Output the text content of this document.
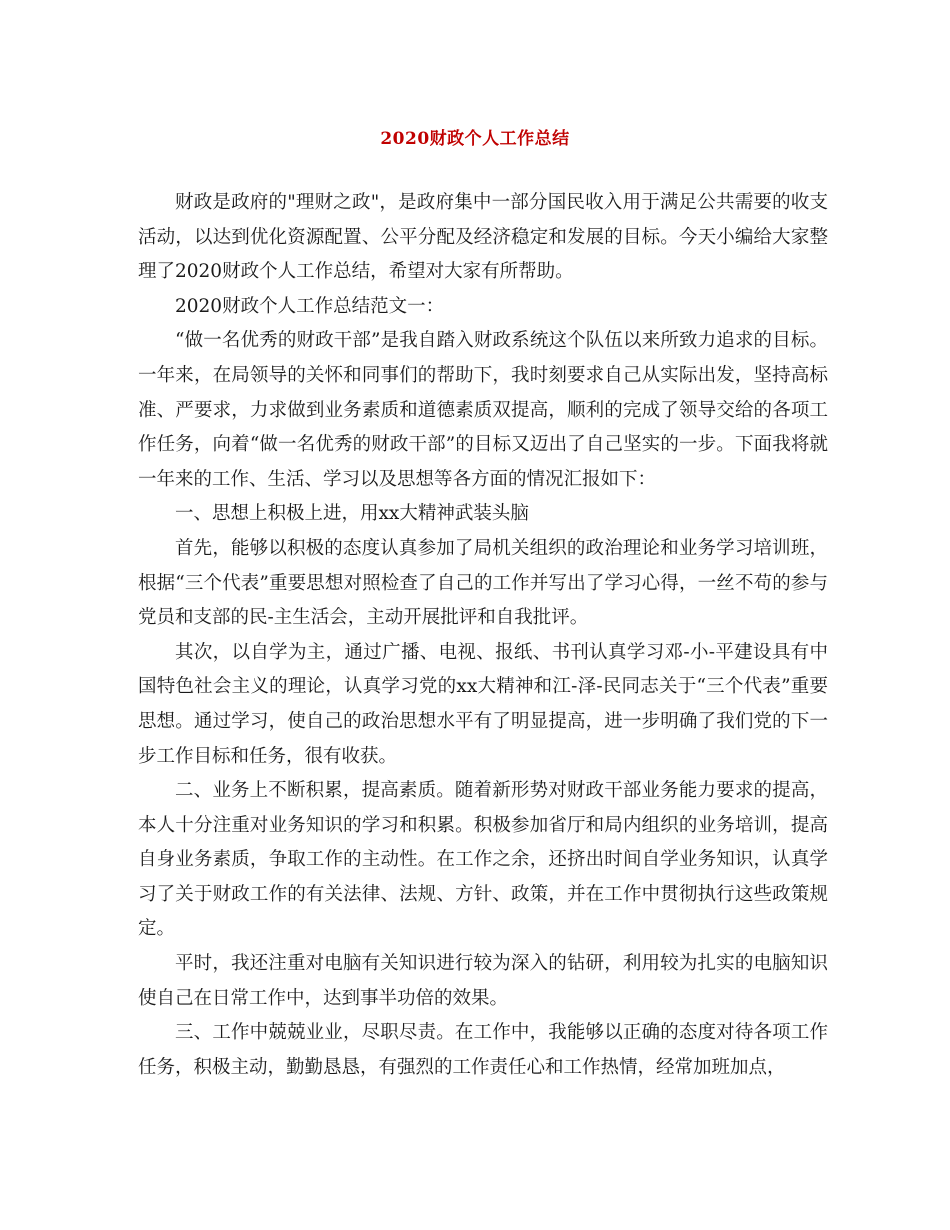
2020财政个人工作总结

财政是政府的"理财之政"，是政府集中一部分国民收入用于满足公共需要的收支活动，以达到优化资源配置、公平分配及经济稳定和发展的目标。今天小编给大家整理了2020财政个人工作总结，希望对大家有所帮助。

2020财政个人工作总结范文一：

“做一名优秀的财政干部”是我自踏入财政系统这个队伍以来所致力追求的目标。一年来，在局领导的关怀和同事们的帮助下，我时刻要求自己从实际出发，坚持高标准、严要求，力求做到业务素质和道德素质双提高，顺利的完成了领导交给的各项工作任务，向着“做一名优秀的财政干部”的目标又迈出了自己坚实的一步。下面我将就一年来的工作、生活、学习以及思想等各方面的情况汇报如下：

一、思想上积极上进，用xx大精神武装头脑

首先，能够以积极的态度认真参加了局机关组织的政治理论和业务学习培训班，根据“三个代表”重要思想对照检查了自己的工作并写出了学习心得，一丝不苟的参与党员和支部的民-主生活会，主动开展批评和自我批评。

其次，以自学为主，通过广播、电视、报纸、书刊认真学习邓-小-平建设具有中国特色社会主义的理论，认真学习党的xx大精神和江-泽-民同志关于“三个代表”重要思想。通过学习，使自己的政治思想水平有了明显提高，进一步明确了我们党的下一步工作目标和任务，很有收获。

二、业务上不断积累，提高素质。随着新形势对财政干部业务能力要求的提高，本人十分注重对业务知识的学习和积累。积极参加省厅和局内组织的业务培训，提高自身业务素质，争取工作的主动性。在工作之余，还挤出时间自学业务知识，认真学习了关于财政工作的有关法律、法规、方针、政策，并在工作中贯彻执行这些政策规定。

平时，我还注重对电脑有关知识进行较为深入的钻研，利用较为扎实的电脑知识使自己在日常工作中，达到事半功倍的效果。

三、工作中兢兢业业，尽职尽责。在工作中，我能够以正确的态度对待各项工作任务，积极主动，勤勤恳恳，有强烈的工作责任心和工作热情，经常加班加点，
